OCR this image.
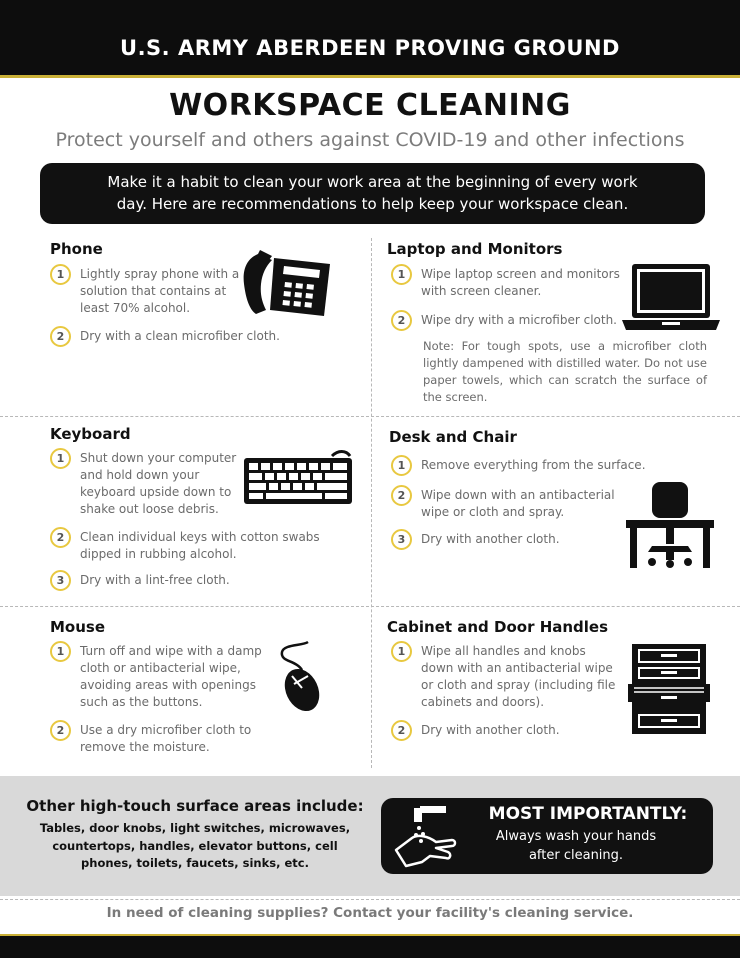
U.S. ARMY ABERDEEN PROVING GROUND
WORKSPACE CLEANING
Protect yourself and others against COVID-19 and other infections
Make it a habit to clean your work area at the beginning of every work
day. Here are recommendations to help keep your workspace clean.
Phone
1	Lightly spray phone with a solution that contains at least 70% alcohol.
2	Dry with a clean microfiber cloth.
Laptop and Monitors
1	Wipe laptop screen and monitors with screen cleaner.
2	Wipe dry with a microfiber cloth.
Note: For tough spots, use a microfiber cloth lightly dampened with distilled water. Do not use paper towels, which can scratch the surface of the screen.
Keyboard
1	Shut down your computer and hold down your keyboard upside down to shake out loose debris.
2	Clean individual keys with cotton swabs dipped in rubbing alcohol.
3	Dry with a lint-free cloth.
Desk and Chair
1	Remove everything from the surface.
2	Wipe down with an antibacterial wipe or cloth and spray.
3	Dry with another cloth.
Mouse
1	Turn off and wipe with a damp cloth or antibacterial wipe, avoiding areas with openings such as the buttons.
2	Use a dry microfiber cloth to remove the moisture.
Cabinet and Door Handles
1	Wipe all handles and knobs down with an antibacterial wipe or cloth and spray (including file cabinets and doors).
2	Dry with another cloth.
Other high-touch surface areas include:
Tables, door knobs, light switches, microwaves, countertops, handles, elevator buttons, cell phones, toilets, faucets, sinks, etc.
MOST IMPORTANTLY:
Always wash your hands
after cleaning.
In need of cleaning supplies? Contact your facility's cleaning service.
